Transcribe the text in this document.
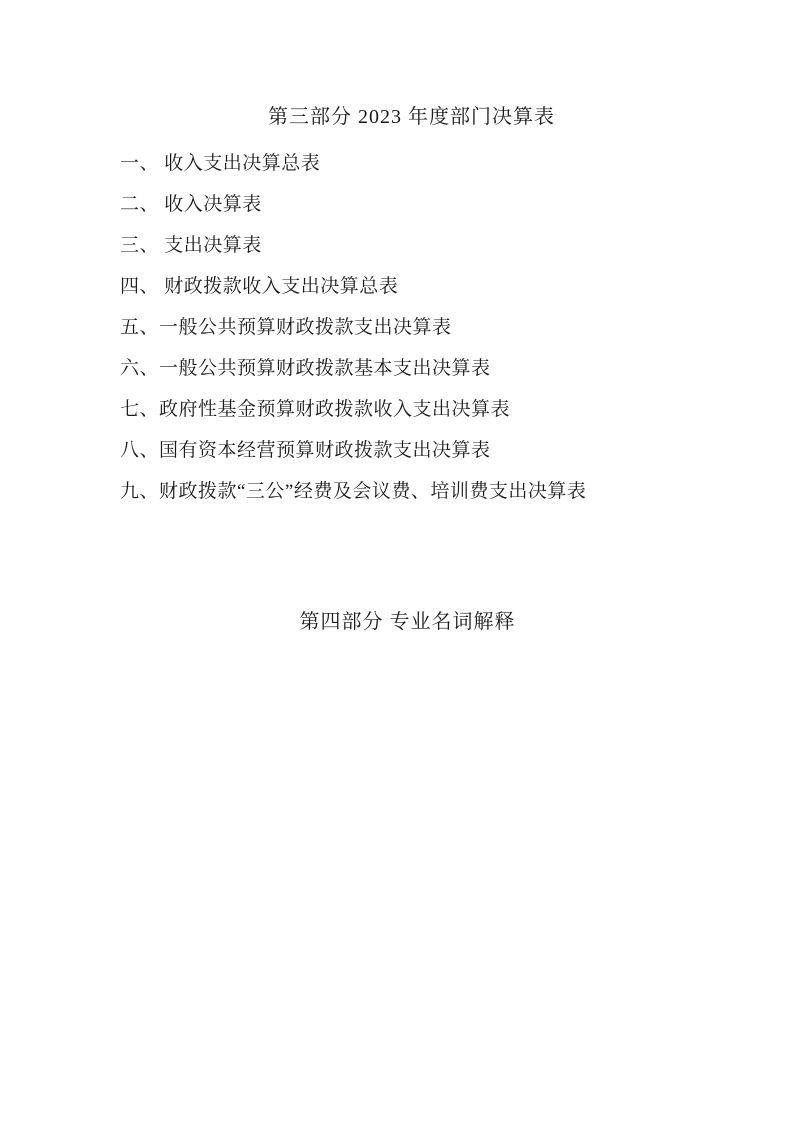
第三部分 2023 年度部门决算表
一、 收入支出决算总表
二、 收入决算表
三、 支出决算表
四、 财政拨款收入支出决算总表
五、一般公共预算财政拨款支出决算表
六、一般公共预算财政拨款基本支出决算表
七、政府性基金预算财政拨款收入支出决算表
八、国有资本经营预算财政拨款支出决算表
九、财政拨款“三公”经费及会议费、培训费支出决算表
第四部分 专业名词解释
